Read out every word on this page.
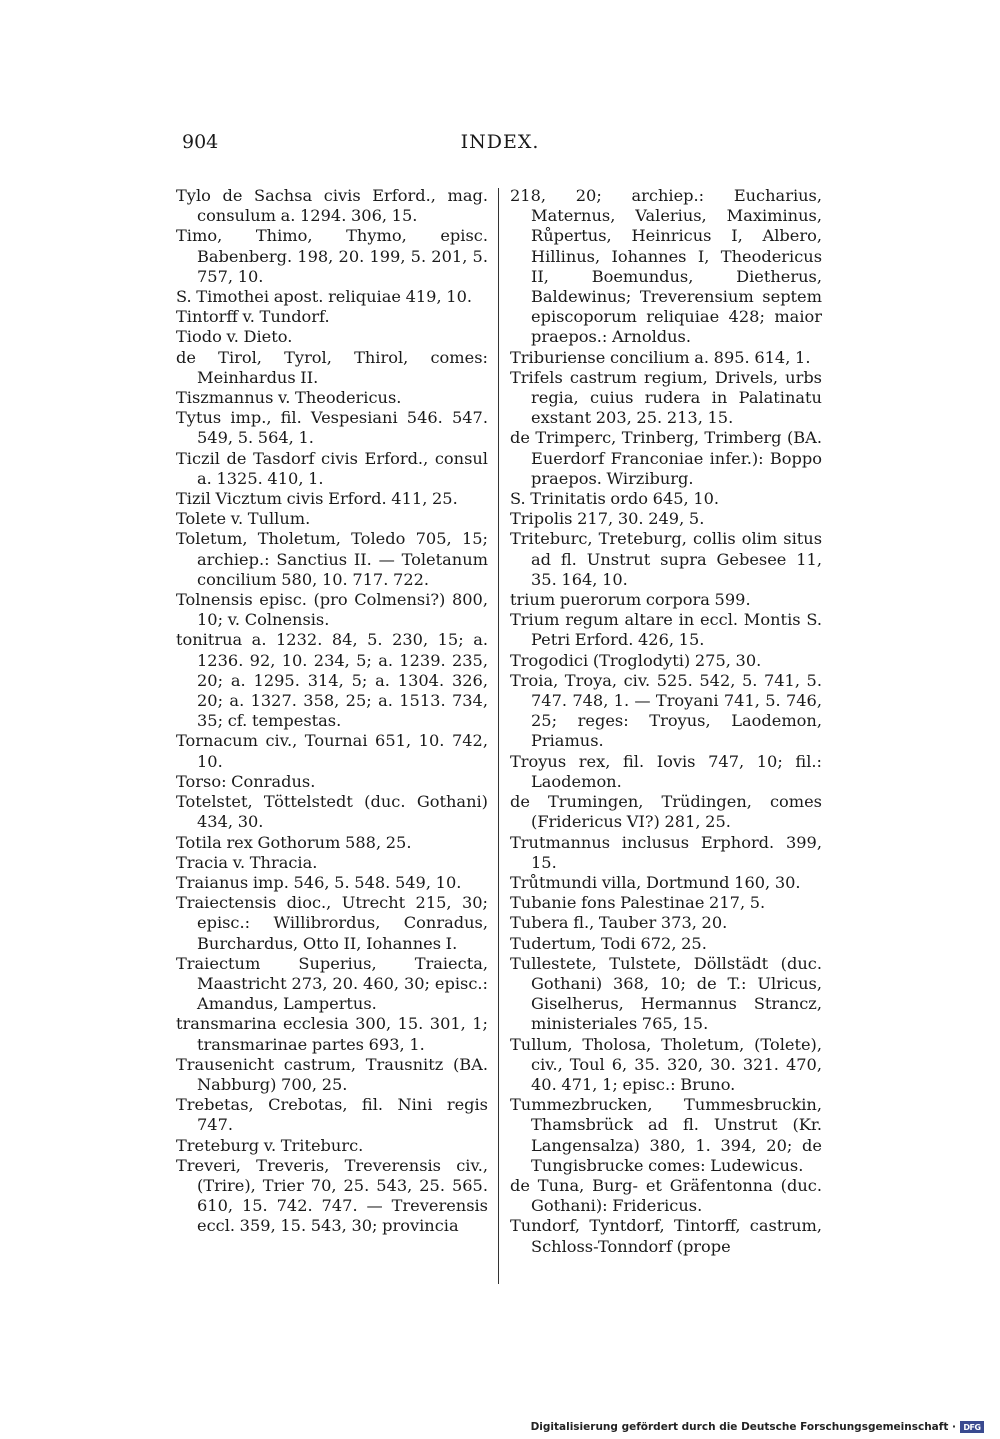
904	INDEX.

Tylo de Sachsa civis Erford., mag. consulum a. 1294. 306, 15.

Timo, Thimo, Thymo, episc. Babenberg. 198, 20. 199, 5. 201, 5. 757, 10.

S. Timothei apost. reliquiae 419, 10.

Tintorff v. Tundorf.

Tiodo v. Dieto.

de Tirol, Tyrol, Thirol, comes: Meinhardus II.

Tiszmannus v. Theodericus.

Tytus imp., fil. Vespesiani 546. 547. 549, 5. 564, 1.

Ticzil de Tasdorf civis Erford., consul a. 1325. 410, 1.

Tizil Vicztum civis Erford. 411, 25.

Tolete v. Tullum.

Toletum, Tholetum, Toledo 705, 15; archiep.: Sanctius II. — Toletanum concilium 580, 10. 717. 722.

Tolnensis episc. (pro Colmensi?) 800, 10; v. Colnensis.

tonitrua a. 1232. 84, 5. 230, 15; a. 1236. 92, 10. 234, 5; a. 1239. 235, 20; a. 1295. 314, 5; a. 1304. 326, 20; a. 1327. 358, 25; a. 1513. 734, 35; cf. tempestas.

Tornacum civ., Tournai 651, 10. 742, 10.

Torso: Conradus.

Totelstet, Töttelstedt (duc. Gothani) 434, 30.

Totila rex Gothorum 588, 25.

Tracia v. Thracia.

Traianus imp. 546, 5. 548. 549, 10.

Traiectensis dioc., Utrecht 215, 30; episc.: Willibrordus, Conradus, Burchardus, Otto II, Iohannes I.

Traiectum Superius, Traiecta, Maastricht 273, 20. 460, 30; episc.: Amandus, Lampertus.

transmarina ecclesia 300, 15. 301, 1; transmarinae partes 693, 1.

Trausenicht castrum, Trausnitz (BA. Nabburg) 700, 25.

Trebetas, Crebotas, fil. Nini regis 747.

Treteburg v. Triteburc.

Treveri, Treveris, Treverensis civ., (Trire), Trier 70, 25. 543, 25. 565. 610, 15. 742. 747. — Treverensis eccl. 359, 15. 543, 30; provincia

218, 20; archiep.: Eucharius, Maternus, Valerius, Maximinus, Růpertus, Heinricus I, Albero, Hillinus, Iohannes I, Theodericus II, Boemundus, Dietherus, Baldewinus; Treverensium septem episcoporum reliquiae 428; maior praepos.: Arnoldus.

Triburiense concilium a. 895. 614, 1.

Trifels castrum regium, Drivels, urbs regia, cuius rudera in Palatinatu exstant 203, 25. 213, 15.

de Trimperc, Trinberg, Trimberg (BA. Euerdorf Franconiae infer.): Boppo praepos. Wirziburg.

S. Trinitatis ordo 645, 10.

Tripolis 217, 30. 249, 5.

Triteburc, Treteburg, collis olim situs ad fl. Unstrut supra Gebesee 11, 35. 164, 10.

trium puerorum corpora 599.

Trium regum altare in eccl. Montis S. Petri Erford. 426, 15.

Trogodici (Troglodyti) 275, 30.

Troia, Troya, civ. 525. 542, 5. 741, 5. 747. 748, 1. — Troyani 741, 5. 746, 25; reges: Troyus, Laodemon, Priamus.

Troyus rex, fil. Iovis 747, 10; fil.: Laodemon.

de Trumingen, Trüdingen, comes (Fridericus VI?) 281, 25.

Trutmannus inclusus Erphord. 399, 15.

Trůtmundi villa, Dortmund 160, 30.

Tubanie fons Palestinae 217, 5.

Tubera fl., Tauber 373, 20.

Tudertum, Todi 672, 25.

Tullestete, Tulstete, Döllstädt (duc. Gothani) 368, 10; de T.: Ulricus, Giselherus, Hermannus Strancz, ministeriales 765, 15.

Tullum, Tholosa, Tholetum, (Tolete), civ., Toul 6, 35. 320, 30. 321. 470, 40. 471, 1; episc.: Bruno.

Tummezbrucken, Tummesbruckin, Thamsbrück ad fl. Unstrut (Kr. Langensalza) 380, 1. 394, 20; de Tungisbrucke comes: Ludewicus.

de Tuna, Burg- et Gräfentonna (duc. Gothani): Fridericus.

Tundorf, Tyntdorf, Tintorff, castrum, Schloss-Tonndorf (prope

Digitalisierung gefördert durch die Deutsche Forschungsgemeinschaft · DFG
